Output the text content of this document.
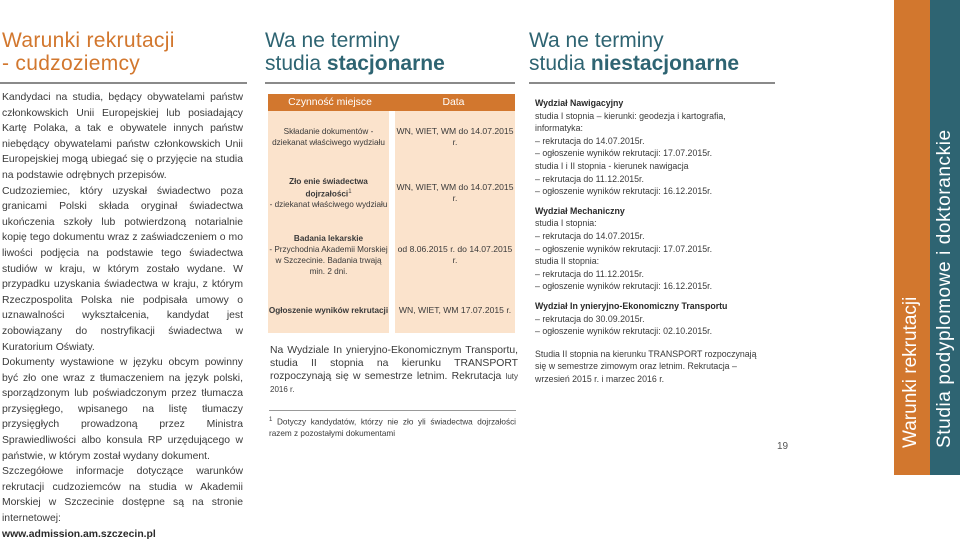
Warunki rekrutacji
- cudzoziemcy

Kandydaci na studia, będący obywatelami państw członkowskich Unii Europejskiej lub posiadający Kartę Polaka, a tak e obywatele innych państw niebędący obywatelami państw członkowskich Unii Europejskiej mogą ubiegać się o przyjęcie na studia na podstawie odrębnych przepisów.

Cudzoziemiec, który uzyskał świadectwo poza granicami Polski składa oryginał świadectwa ukończenia szkoły lub potwierdzoną notarialnie kopię tego dokumentu wraz z zaświadczeniem o mo liwości podjęcia na podstawie tego świadectwa studiów w kraju, w którym zostało wydane. W przypadku uzyskania świadectwa w kraju, z którym Rzeczpospolita Polska nie podpisała umowy o uznawalności wykształcenia, kandydat jest zobowiązany do nostryfikacji świadectwa w Kuratorium Oświaty.

Dokumenty wystawione w języku obcym powinny być zło one wraz z tłumaczeniem na język polski, sporządzonym lub poświadczonym przez tłumacza przysięgłego, wpisanego na listę tłumaczy przysięgłych prowadzoną przez Ministra Sprawiedliwości albo konsula RP urzędującego w państwie, w którym został wydany dokument.

Szczegółowe informacje dotyczące warunków rekrutacji cudzoziemców na studia w Akademii Morskiej w Szczecinie dostępne są na stronie internetowej:

www.admission.am.szczecin.pl

Wa ne terminy
studia stacjonarne
Czynność miejsce	Data
Składanie dokumentów - dziekanat właściwego wydziału	WN, WIET, WM do 14.07.2015 r.
Zło enie świadectwa dojrzałości$^1$
- dziekanat właściwego wydziału	WN, WIET, WM do 14.07.2015 r.
Badania lekarskie
- Przychodnia Akademii Morskiej w Szczecinie. Badania trwają min. 2 dni.	od 8.06.2015 r. do 14.07.2015 r.
Ogłoszenie wyników rekrutacji	WN, WIET, WM 17.07.2015 r.
Na Wydziale In ynieryjno-Ekonomicznym Transportu, studia II stopnia na kierunku TRANSPORT rozpoczynają się w semestrze letnim. Rekrutacja luty 2016 r.
$^1$ Dotyczy kandydatów, którzy nie zło yli świadectwa dojrzałości razem z pozostałymi dokumentami
Wa ne terminy
studia niestacjonarne
Wydział Nawigacyjny
studia I stopnia – kierunki: geodezja i kartografia, informatyka:
– rekrutacja do 14.07.2015r.
– ogłoszenie wyników rekrutacji: 17.07.2015r.
studia I i II stopnia - kierunek nawigacja
– rekrutacja do 11.12.2015r.
– ogłoszenie wyników rekrutacji: 16.12.2015r.
Wydział Mechaniczny
studia I stopnia:
– rekrutacja do 14.07.2015r.
– ogłoszenie wyników rekrutacji: 17.07.2015r.
studia II stopnia:
– rekrutacja do 11.12.2015r.
– ogłoszenie wyników rekrutacji: 16.12.2015r.
Wydział In ynieryjno-Ekonomiczny Transportu
– rekrutacja do 30.09.2015r.
– ogłoszenie wyników rekrutacji: 02.10.2015r.
Studia II stopnia na kierunku TRANSPORT rozpoczynają się w semestrze zimowym oraz letnim. Rekrutacja – wrzesień 2015 r. i marzec 2016 r.
19	Warunki rekrutacji Studia podyplomowe i doktoranckie
